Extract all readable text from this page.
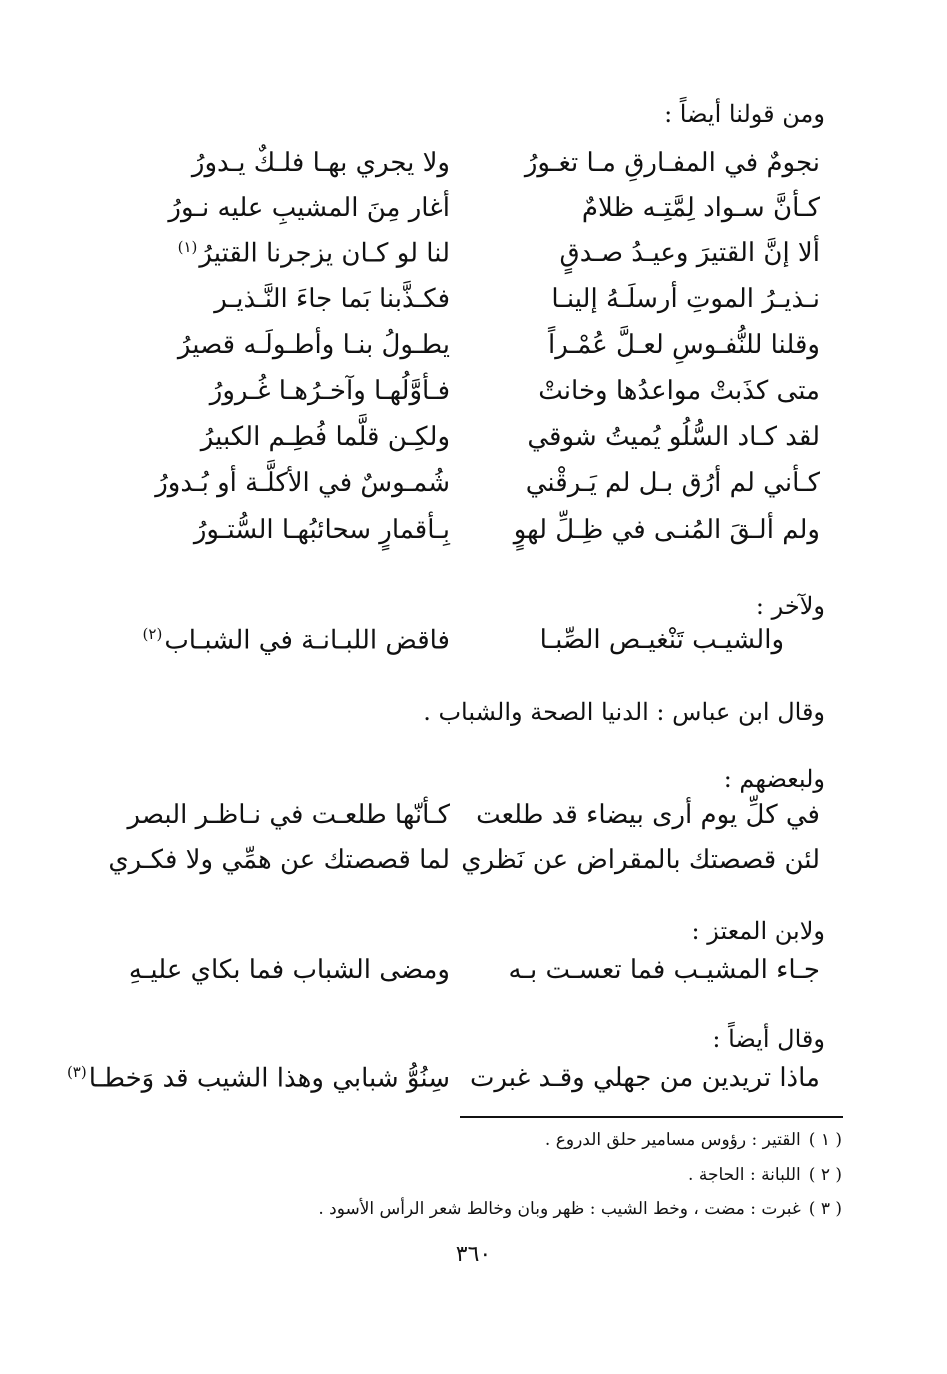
ومن قولنا أيضاً :
نجومٌ في المفـارقِ مـا تغـورُ
ولا يجري بهـا فلـكٌ يـدورُ
كـأنَّ سـواد لِمَّتِـه ظلامٌ
أغار مِنَ المشيبِ عليه نـورُ
ألا إنَّ القتيرَ وعيـدُ صـدقٍ
لنا لو كـان يزجرنا القتيرُ$^{(١)}$
نـذيـرُ الموتِ أرسلَـهُ إلينـا
فكـذَّبنا بَما جاءَ النَّـذيـر
وقلنا للنُّفـوسِ لعـلَّ عُمْـراً
يطـولُ بنـا وأطـولَـه قصيرُ
متى كذَبتْ مواعدُها وخانتْ
فـأوَّلُهـا وآخـرُهـا غُـرورُ
لقد كـاد السُّلُو يُميتُ شوقي
ولكِـن قلَّما فُطِـم الكبيرُ
كـأني لم أرُق بـل لم يَـرقْني
شُمـوسٌ في الأكلَّـة أو بُـدورُ
ولم ألـقَ المُنـى في ظِـلِّ لهوٍ
بِـأقمارٍ سحائبُهـا السُّتـورُ
ولآخر :
والشيـب تَنْغيـص الصِّبـا
فاقض اللبـانـة في الشبـاب$^{(٢)}$
وقال ابن عباس : الدنيا الصحة والشباب .
ولبعضهم :
في كلِّ يوم أرى بيضاء قد طلعت
كـأنّها طلعـت في نـاظـر البصر
لئن قصصتك بالمقراض عن نَظري
لما قصصتك عن همِّي ولا فكـري
ولابن المعتز :
جـاء المشيـب فما تعسـت بـه
ومضى الشباب فما بكاي عليـهِ
وقال أيضاً :
ماذا تريدين من جهلي وقـد غبرت
سِنُوُّ شبابي وهذا الشيب قد وَخطـا$^{(٣)}$
( ١ )القتير : رؤوس مسامير حلق الدروع .
( ٢ )اللبانة : الحاجة .
( ٣ )غبرت : مضت ، وخط الشيب : ظهر وبان وخالط شعر الرأس الأسود .
٣٦٠
